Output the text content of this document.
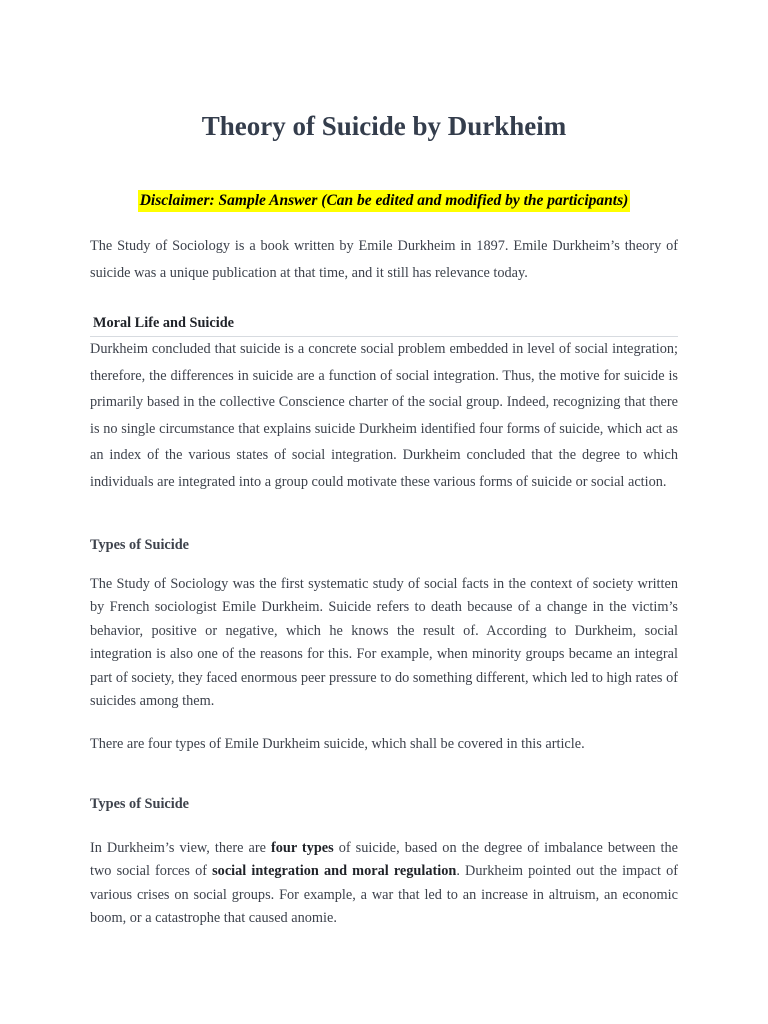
Theory of Suicide by Durkheim
Disclaimer: Sample Answer (Can be edited and modified by the participants)

The Study of Sociology is a book written by Emile Durkheim in 1897. Emile Durkheim’s theory of suicide was a unique publication at that time, and it still has relevance today.

Moral Life and Suicide

Durkheim concluded that suicide is a concrete social problem embedded in level of social integration; therefore, the differences in suicide are a function of social integration. Thus, the motive for suicide is primarily based in the collective Conscience charter of the social group. Indeed, recognizing that there is no single circumstance that explains suicide Durkheim identified four forms of suicide, which act as an index of the various states of social integration. Durkheim concluded that the degree to which individuals are integrated into a group could motivate these various forms of suicide or social action.

Types of Suicide

The Study of Sociology was the first systematic study of social facts in the context of society written by French sociologist Emile Durkheim. Suicide refers to death because of a change in the victim’s behavior, positive or negative, which he knows the result of. According to Durkheim, social integration is also one of the reasons for this. For example, when minority groups became an integral part of society, they faced enormous peer pressure to do something different, which led to high rates of suicides among them.

There are four types of Emile Durkheim suicide, which shall be covered in this article.

Types of Suicide

In Durkheim’s view, there are four types of suicide, based on the degree of imbalance between the two social forces of social integration and moral regulation. Durkheim pointed out the impact of various crises on social groups. For example, a war that led to an increase in altruism, an economic boom, or a catastrophe that caused anomie.
